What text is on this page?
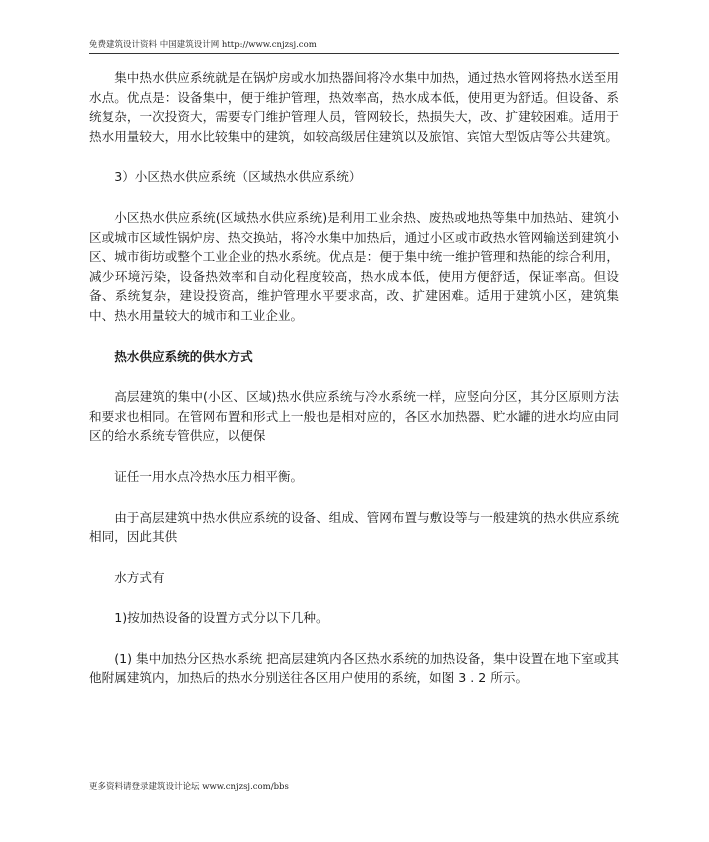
免费建筑设计资料 中国建筑设计网 http://www.cnjzsj.com

集中热水供应系统就是在锅炉房或水加热器间将冷水集中加热，通过热水管网将热水送至用水点。优点是：设备集中，便于维护管理，热效率高，热水成本低，使用更为舒适。但设备、系统复杂，一次投资大，需要专门维护管理人员，管网较长，热损失大，改、扩建较困难。适用于热水用量较大，用水比较集中的建筑，如较高级居住建筑以及旅馆、宾馆大型饭店等公共建筑。

3）小区热水供应系统（区域热水供应系统）

小区热水供应系统(区域热水供应系统)是利用工业余热、废热或地热等集中加热站、建筑小区或城市区域性锅炉房、热交换站，将冷水集中加热后，通过小区或市政热水管网输送到建筑小区、城市街坊或整个工业企业的热水系统。优点是：便于集中统一维护管理和热能的综合利用，减少环境污染，设备热效率和自动化程度较高，热水成本低，使用方便舒适，保证率高。但设备、系统复杂，建设投资高，维护管理水平要求高，改、扩建困难。适用于建筑小区，建筑集中、热水用量较大的城市和工业企业。

热水供应系统的供水方式

高层建筑的集中(小区、区域)热水供应系统与冷水系统一样，应竖向分区，其分区原则方法和要求也相同。在管网布置和形式上一般也是相对应的，各区水加热器、贮水罐的进水均应由同区的给水系统专管供应，以便保

证任一用水点冷热水压力相平衡。

由于高层建筑中热水供应系统的设备、组成、管网布置与敷设等与一般建筑的热水供应系统相同，因此其供

水方式有

1)按加热设备的设置方式分以下几种。

(1) 集中加热分区热水系统 把高层建筑内各区热水系统的加热设备，集中设置在地下室或其他附属建筑内，加热后的热水分别送往各区用户使用的系统，如图 3 . 2 所示。

更多资料请登录建筑设计论坛 www.cnjzsj.com/bbs
